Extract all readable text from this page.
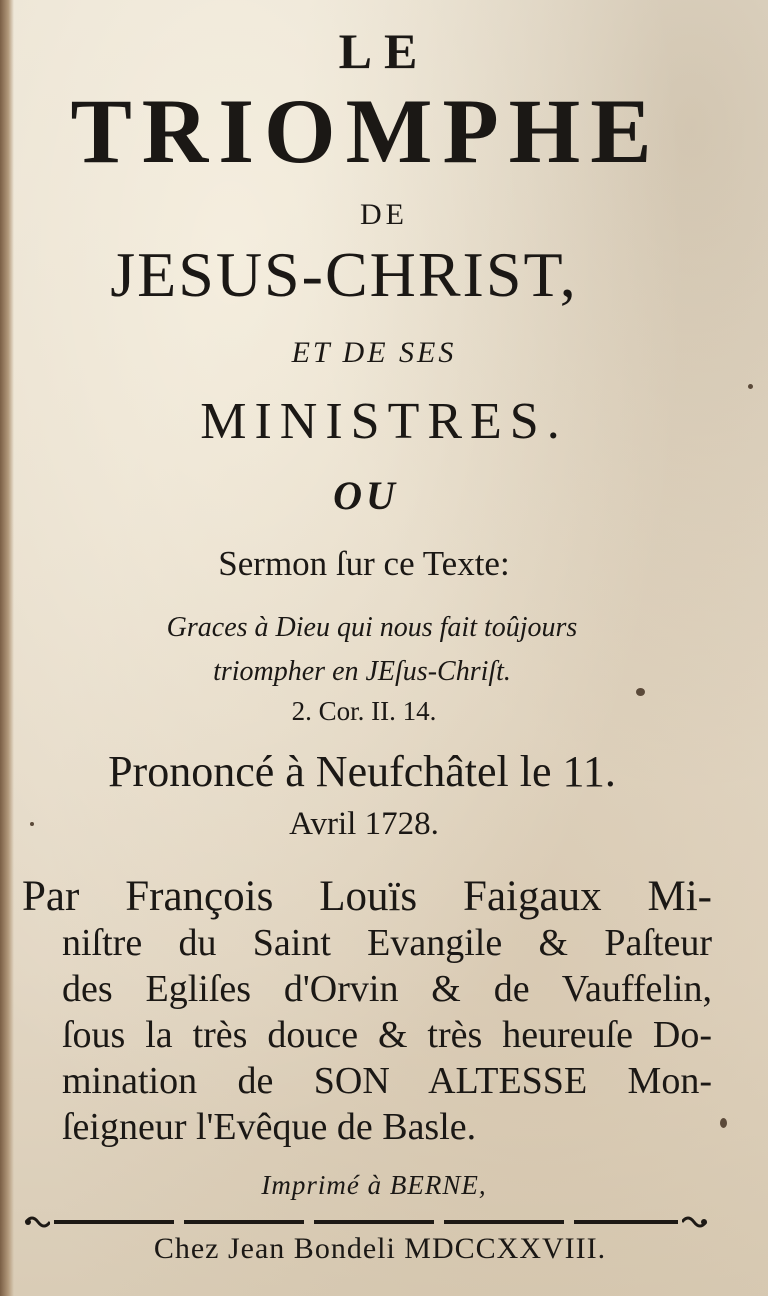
LE
TRIOMPHE
DE
JESUS-CHRIST,
ET DE SES
MINISTRES.
OU
Sermon ſur ce Texte:
Graces à Dieu qui nous fait toûjours
triompher en JEſus-Chriſt.
2. Cor. II. 14.
Prononcé à Neufchâtel le 11.
Avril 1728.
Par François Louïs Faigaux Mi-
niſtre du Saint Evangile & Paſteur
des Egliſes d'Orvin & de Vauffelin,
ſous la très douce & très heureuſe Do-
mination de SON ALTESSE Mon-
ſeigneur l'Evêque de Basle.
Imprimé à BERNE,
Chez Jean Bondeli MDCCXXVIII.
